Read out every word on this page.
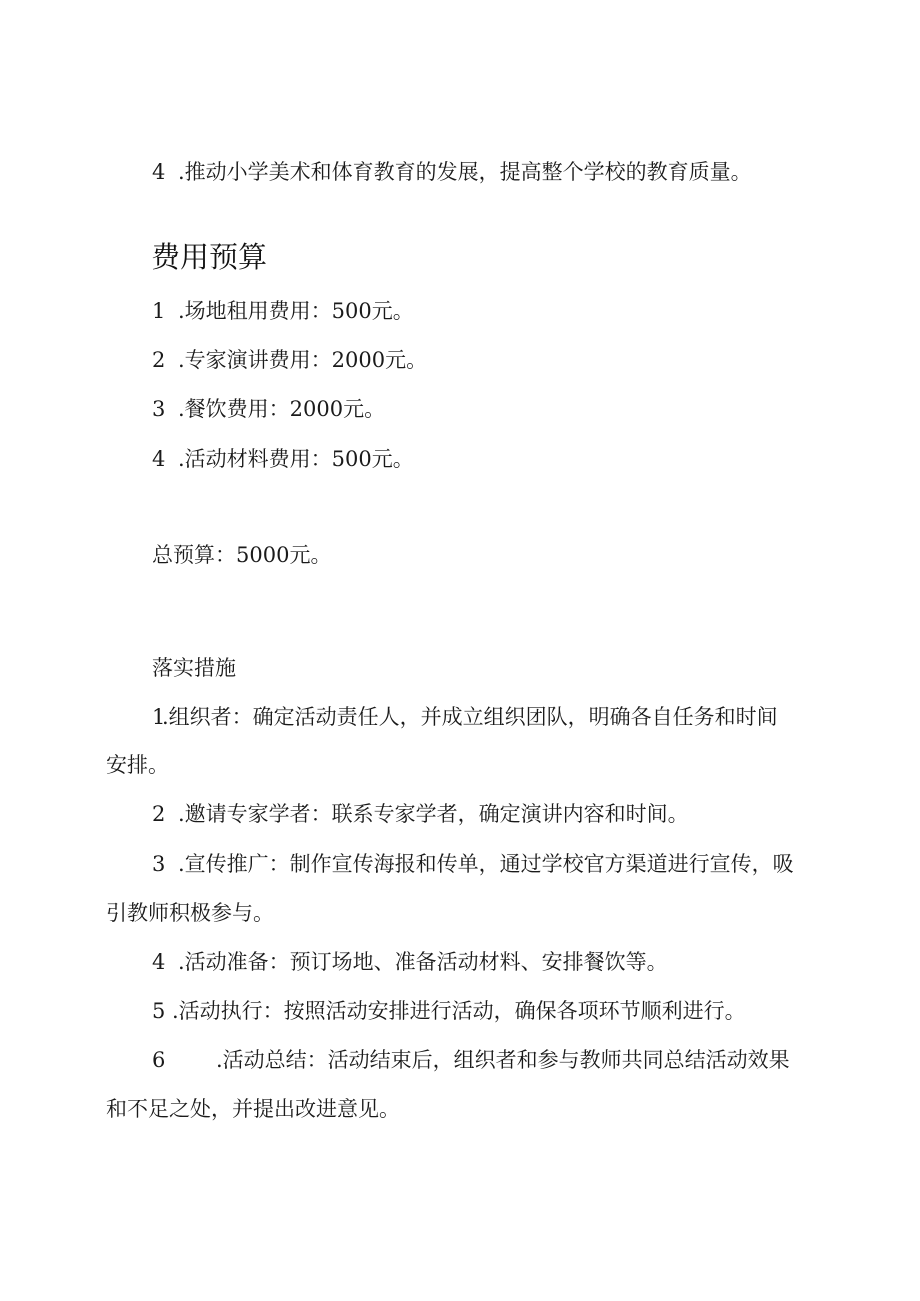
4 .推动小学美术和体育教育的发展，提高整个学校的教育质量。
费用预算
1 .场地租用费用：500元。
2 .专家演讲费用：2000元。
3 .餐饮费用：2000元。
4 .活动材料费用：500元。
总预算：5000元。
落实措施
1.组织者：确定活动责任人，并成立组织团队，明确各自任务和时间
安排。
2 .邀请专家学者：联系专家学者，确定演讲内容和时间。
3 .宣传推广：制作宣传海报和传单，通过学校官方渠道进行宣传，吸
引教师积极参与。
4 .活动准备：预订场地、准备活动材料、安排餐饮等。
5 .活动执行：按照活动安排进行活动，确保各项环节顺利进行。
6 .活动总结：活动结束后，组织者和参与教师共同总结活动效果
和不足之处，并提出改进意见。
